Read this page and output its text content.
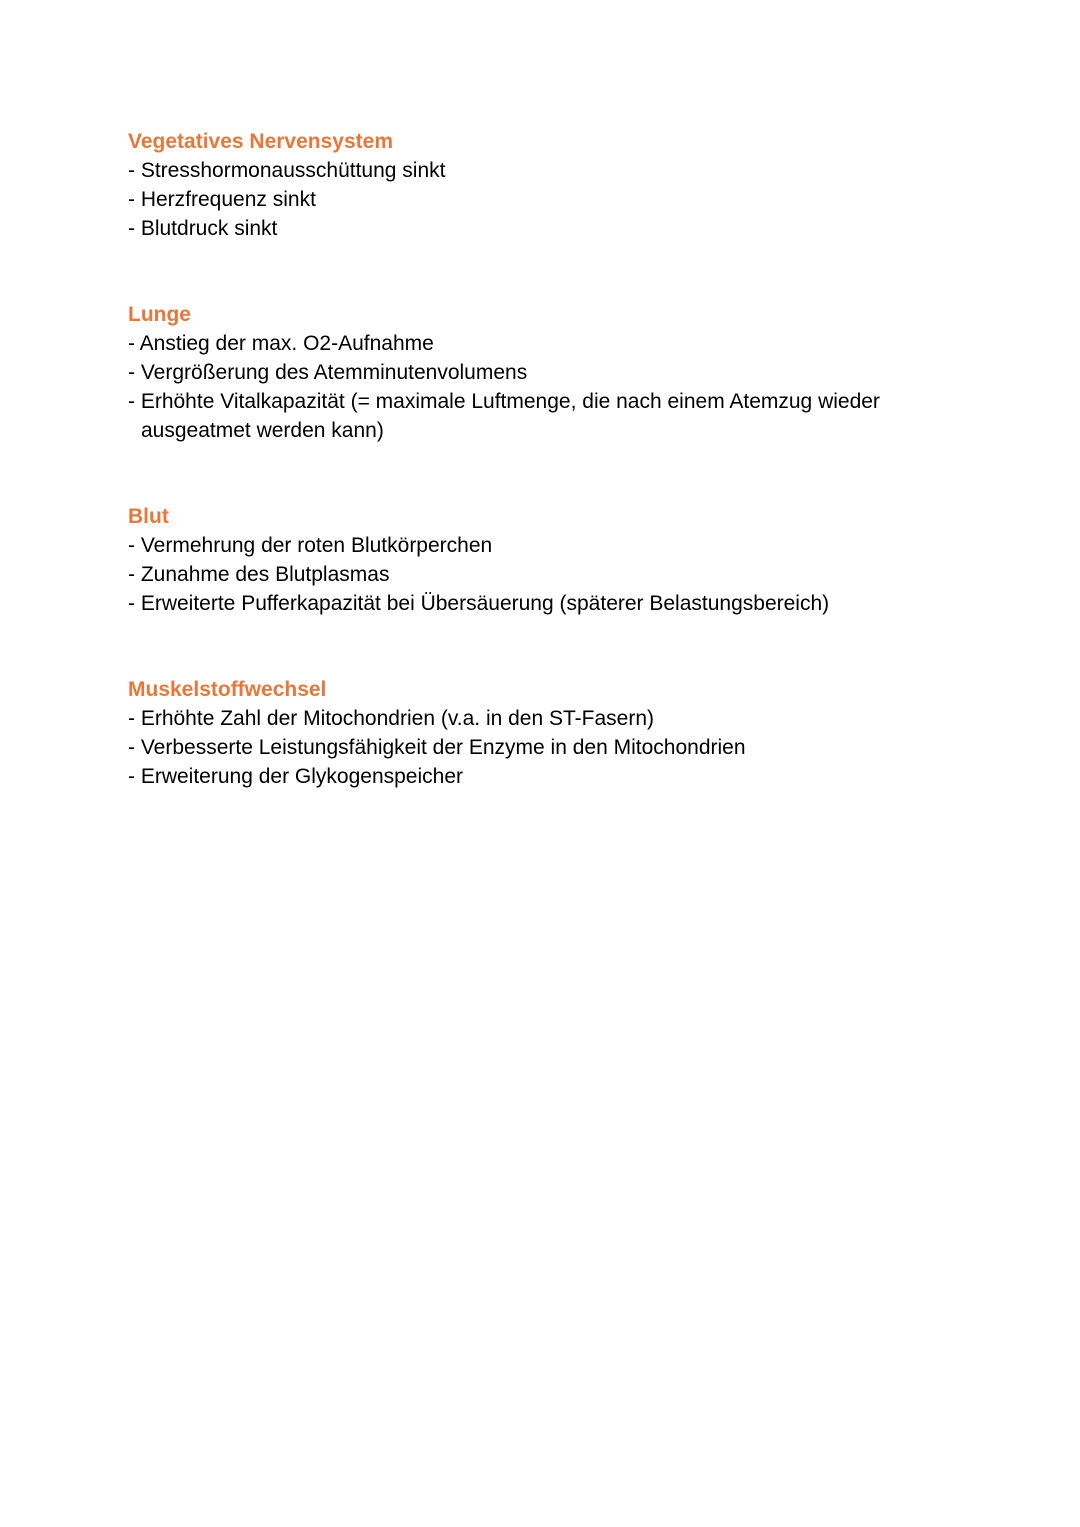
Vegetatives Nervensystem
- Stresshormonausschüttung sinkt
- Herzfrequenz sinkt
- Blutdruck sinkt
Lunge
- Anstieg der max. O2-Aufnahme
- Vergrößerung des Atemminutenvolumens
- Erhöhte Vitalkapazität (= maximale Luftmenge, die nach einem Atemzug wieder ausgeatmet werden kann)
Blut
- Vermehrung der roten Blutkörperchen
- Zunahme des Blutplasmas
- Erweiterte Pufferkapazität bei Übersäuerung (späterer Belastungsbereich)
Muskelstoffwechsel
- Erhöhte Zahl der Mitochondrien (v.a. in den ST-Fasern)
- Verbesserte Leistungsfähigkeit der Enzyme in den Mitochondrien
- Erweiterung der Glykogenspeicher
